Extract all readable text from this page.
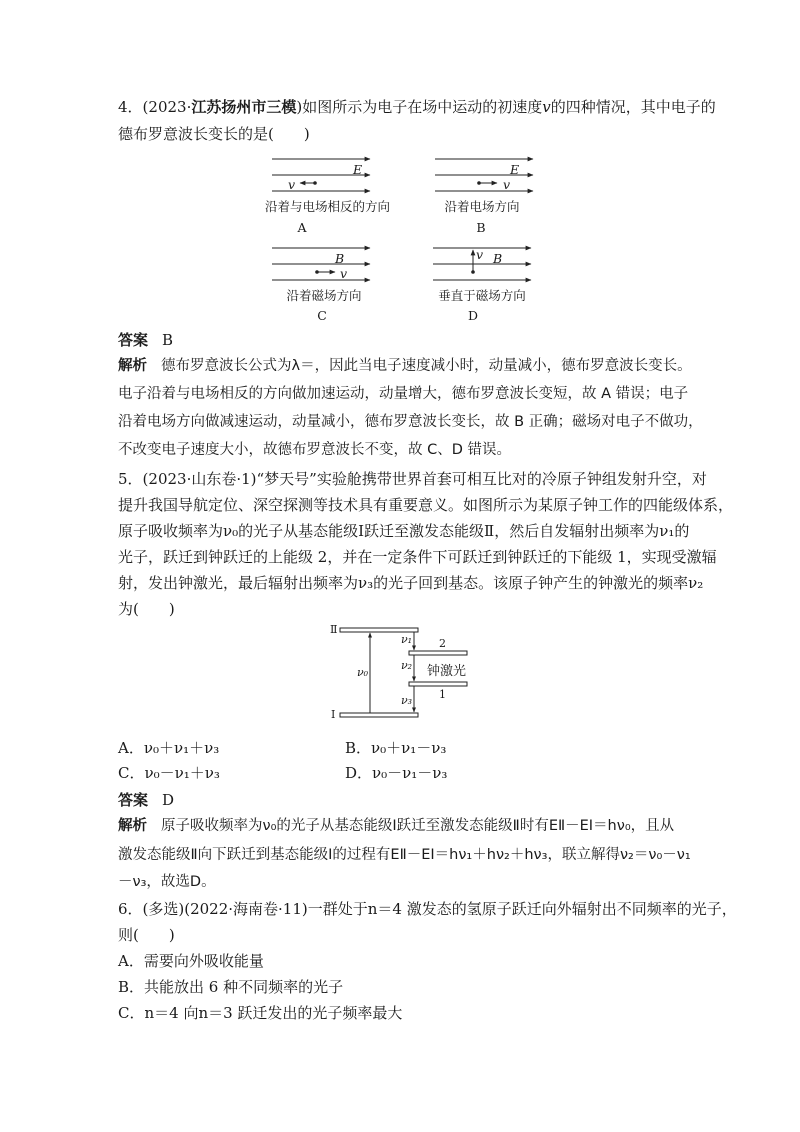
4．(2023·江苏扬州市三模)如图所示为电子在场中运动的初速度v的四种情况，其中电子的
德布罗意波长变长的是(　　)
E
v
沿着与电场相反的方向
A
E
v
沿着电场方向
B
B
v
沿着磁场方向
C
B
v
垂直于磁场方向
D
答案 B
解析 德布罗意波长公式为λ＝，因此当电子速度减小时，动量减小，德布罗意波长变长。
电子沿着与电场相反的方向做加速运动，动量增大，德布罗意波长变短，故 A 错误；电子
沿着电场方向做减速运动，动量减小，德布罗意波长变长，故 B 正确；磁场对电子不做功，
不改变电子速度大小，故德布罗意波长不变，故 C、D 错误。
5．(2023·山东卷·1)“梦天号”实验舱携带世界首套可相互比对的冷原子钟组发射升空，对
提升我国导航定位、深空探测等技术具有重要意义。如图所示为某原子钟工作的四能级体系，
原子吸收频率为ν₀的光子从基态能级Ⅰ跃迁至激发态能级Ⅱ，然后自发辐射出频率为ν₁的
光子，跃迁到钟跃迁的上能级 2，并在一定条件下可跃迁到钟跃迁的下能级 1，实现受激辐
射，发出钟激光，最后辐射出频率为ν₃的光子回到基态。该原子钟产生的钟激光的频率ν₂
为(　　)
Ⅱ
Ⅰ
ν₀
ν₁
ν₂
ν₃
2
钟激光
1
A．ν₀＋ν₁＋ν₃	B．ν₀＋ν₁－ν₃
C．ν₀－ν₁＋ν₃	D．ν₀－ν₁－ν₃
答案 D
解析 原子吸收频率为ν₀的光子从基态能级Ⅰ跃迁至激发态能级Ⅱ时有EⅡ－EⅠ＝hν₀，且从
激发态能级Ⅱ向下跃迁到基态能级Ⅰ的过程有EⅡ－EⅠ＝hν₁＋hν₂＋hν₃，联立解得ν₂＝ν₀－ν₁
－ν₃，故选D。
6．(多选)(2022·海南卷·11)一群处于n＝4 激发态的氢原子跃迁向外辐射出不同频率的光子，
则(　　)
A．需要向外吸收能量
B．共能放出 6 种不同频率的光子
C．n＝4 向n＝3 跃迁发出的光子频率最大
